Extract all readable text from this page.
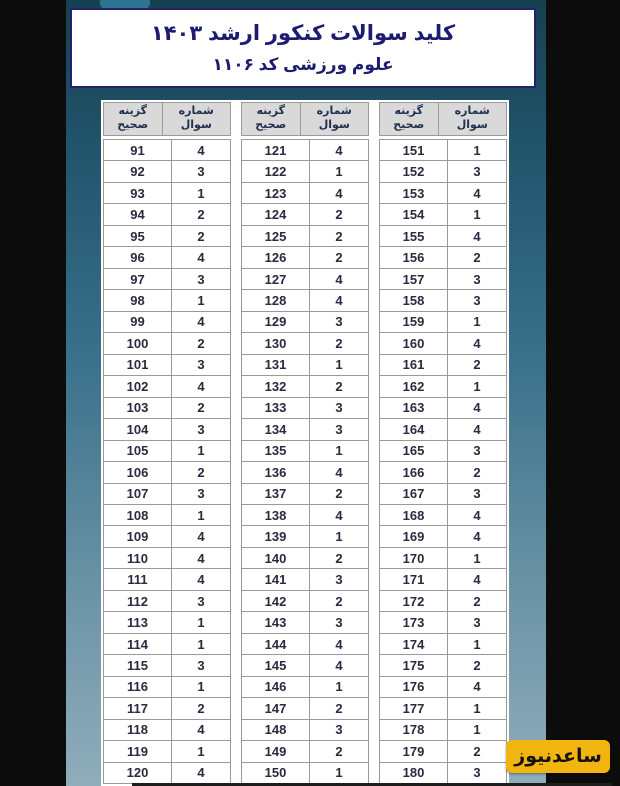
کلید سوالات کنکور ارشد ۱۴۰۳
علوم ورزشی کد ۱۱۰۶
شماره سوال
گزینه صحیح
91	4
92	3
93	1
94	2
95	2
96	4
97	3
98	1
99	4
100	2
101	3
102	4
103	2
104	3
105	1
106	2
107	3
108	1
109	4
110	4
111	4
112	3
113	1
114	1
115	3
116	1
117	2
118	4
119	1
120	4
شماره سوال
گزینه صحیح
121	4
122	1
123	4
124	2
125	2
126	2
127	4
128	4
129	3
130	2
131	1
132	2
133	3
134	3
135	1
136	4
137	2
138	4
139	1
140	2
141	3
142	2
143	3
144	4
145	4
146	1
147	2
148	3
149	2
150	1
شماره سوال
گزینه صحیح
151	1
152	3
153	4
154	1
155	4
156	2
157	3
158	3
159	1
160	4
161	2
162	1
163	4
164	4
165	3
166	2
167	3
168	4
169	4
170	1
171	4
172	2
173	3
174	1
175	2
176	4
177	1
178	1
179	2
180	3
ساعدنیوز
